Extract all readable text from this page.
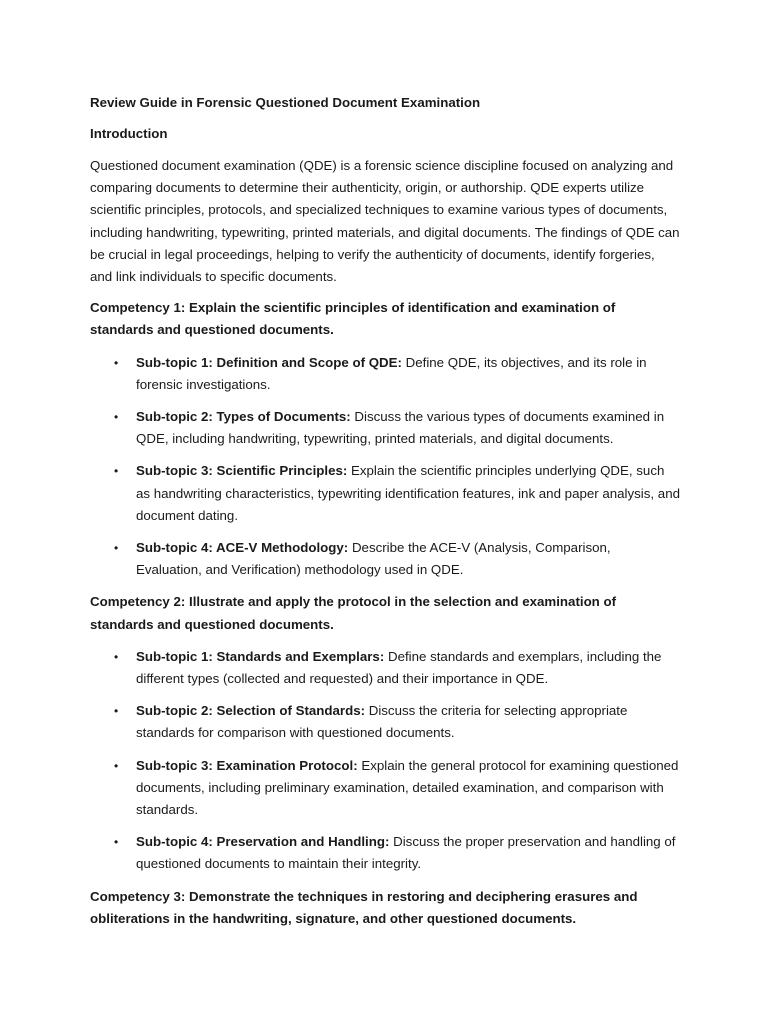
Review Guide in Forensic Questioned Document Examination
Introduction

Questioned document examination (QDE) is a forensic science discipline focused on analyzing and comparing documents to determine their authenticity, origin, or authorship. QDE experts utilize scientific principles, protocols, and specialized techniques to examine various types of documents, including handwriting, typewriting, printed materials, and digital documents. The findings of QDE can be crucial in legal proceedings, helping to verify the authenticity of documents, identify forgeries, and link individuals to specific documents.

Competency 1: Explain the scientific principles of identification and examination of standards and questioned documents.
• Sub-topic 1: Definition and Scope of QDE: Define QDE, its objectives, and its role in forensic investigations.
• Sub-topic 2: Types of Documents: Discuss the various types of documents examined in QDE, including handwriting, typewriting, printed materials, and digital documents.
• Sub-topic 3: Scientific Principles: Explain the scientific principles underlying QDE, such as handwriting characteristics, typewriting identification features, ink and paper analysis, and document dating.
• Sub-topic 4: ACE-V Methodology: Describe the ACE-V (Analysis, Comparison, Evaluation, and Verification) methodology used in QDE.
Competency 2: Illustrate and apply the protocol in the selection and examination of standards and questioned documents.
• Sub-topic 1: Standards and Exemplars: Define standards and exemplars, including the different types (collected and requested) and their importance in QDE.
• Sub-topic 2: Selection of Standards: Discuss the criteria for selecting appropriate standards for comparison with questioned documents.
• Sub-topic 3: Examination Protocol: Explain the general protocol for examining questioned documents, including preliminary examination, detailed examination, and comparison with standards.
• Sub-topic 4: Preservation and Handling: Discuss the proper preservation and handling of questioned documents to maintain their integrity.
Competency 3: Demonstrate the techniques in restoring and deciphering erasures and obliterations in the handwriting, signature, and other questioned documents.
